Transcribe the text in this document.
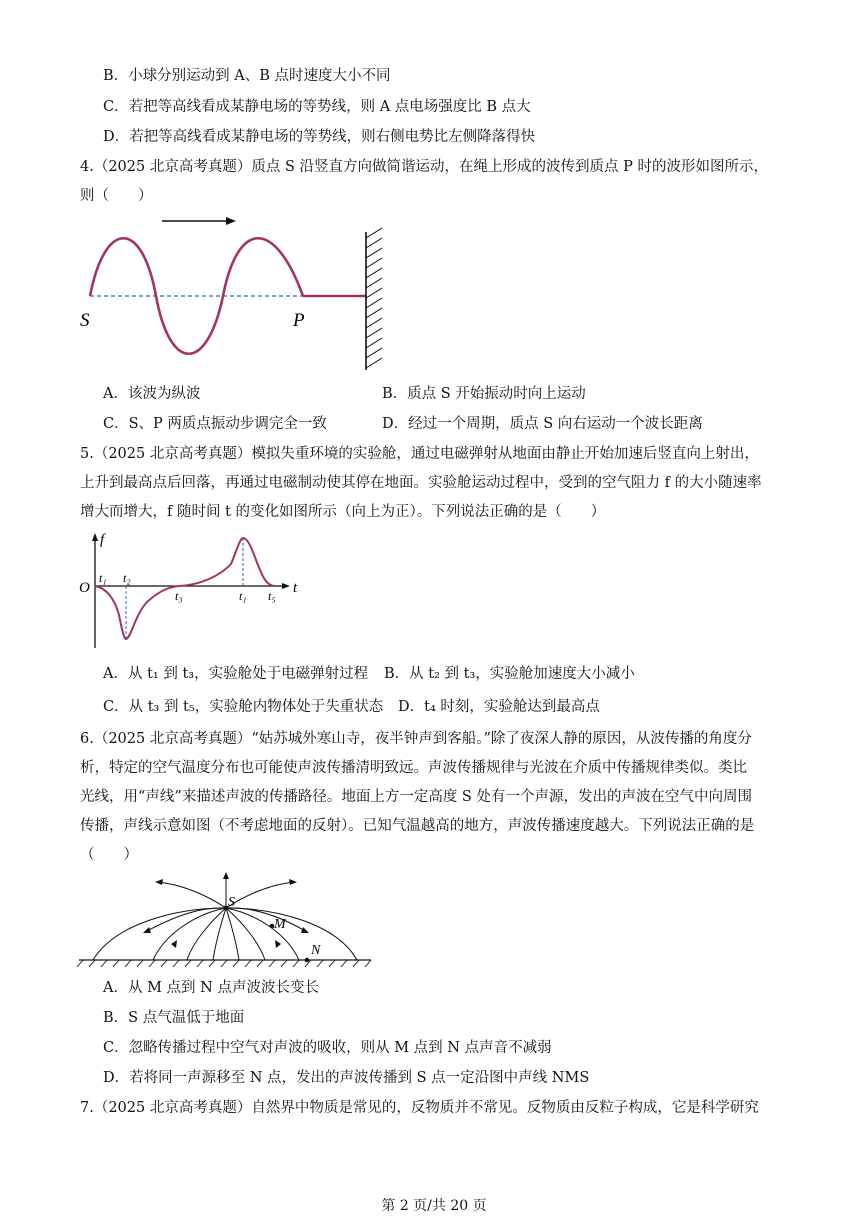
B．小球分别运动到 A、B 点时速度大小不同
C．若把等高线看成某静电场的等势线，则 A 点电场强度比 B 点大
D．若把等高线看成某静电场的等势线，则右侧电势比左侧降落得快
4.（2025 北京高考真题）质点 S 沿竖直方向做简谐运动，在绳上形成的波传到质点 P 时的波形如图所示，
则（　　）
S	P
A．该波为纵波	B．质点 S 开始振动时向上运动
C．S、P 两质点振动步调完全一致	D．经过一个周期，质点 S 向右运动一个波长距离
5.（2025 北京高考真题）模拟失重环境的实验舱，通过电磁弹射从地面由静止开始加速后竖直向上射出，
上升到最高点后回落，再通过电磁制动使其停在地面。实验舱运动过程中，受到的空气阻力 f 的大小随速率
增大而增大，f 随时间 t 的变化如图所示（向上为正）。下列说法正确的是（　　）
f
t
O
t₁ t₂
t₃	t₁ t₅
A．从 t₁ 到 t₃，实验舱处于电磁弹射过程 B．从 t₂ 到 t₃，实验舱加速度大小减小
C．从 t₃ 到 t₅，实验舱内物体处于失重状态 D．t₄ 时刻，实验舱达到最高点
6.（2025 北京高考真题）“姑苏城外寒山寺，夜半钟声到客船。”除了夜深人静的原因，从波传播的角度分
析，特定的空气温度分布也可能使声波传播清明致远。声波传播规律与光波在介质中传播规律类似。类比
光线，用“声线”来描述声波的传播路径。地面上方一定高度 S 处有一个声源，发出的声波在空气中向周围
传播，声线示意如图（不考虑地面的反射）。已知气温越高的地方，声波传播速度越大。下列说法正确的是
（　　）
S
M
N
A．从 M 点到 N 点声波波长变长
B．S 点气温低于地面
C．忽略传播过程中空气对声波的吸收，则从 M 点到 N 点声音不减弱
D．若将同一声源移至 N 点，发出的声波传播到 S 点一定沿图中声线 NMS
7.（2025 北京高考真题）自然界中物质是常见的，反物质并不常见。反物质由反粒子构成，它是科学研究
第 2 页/共 20 页
